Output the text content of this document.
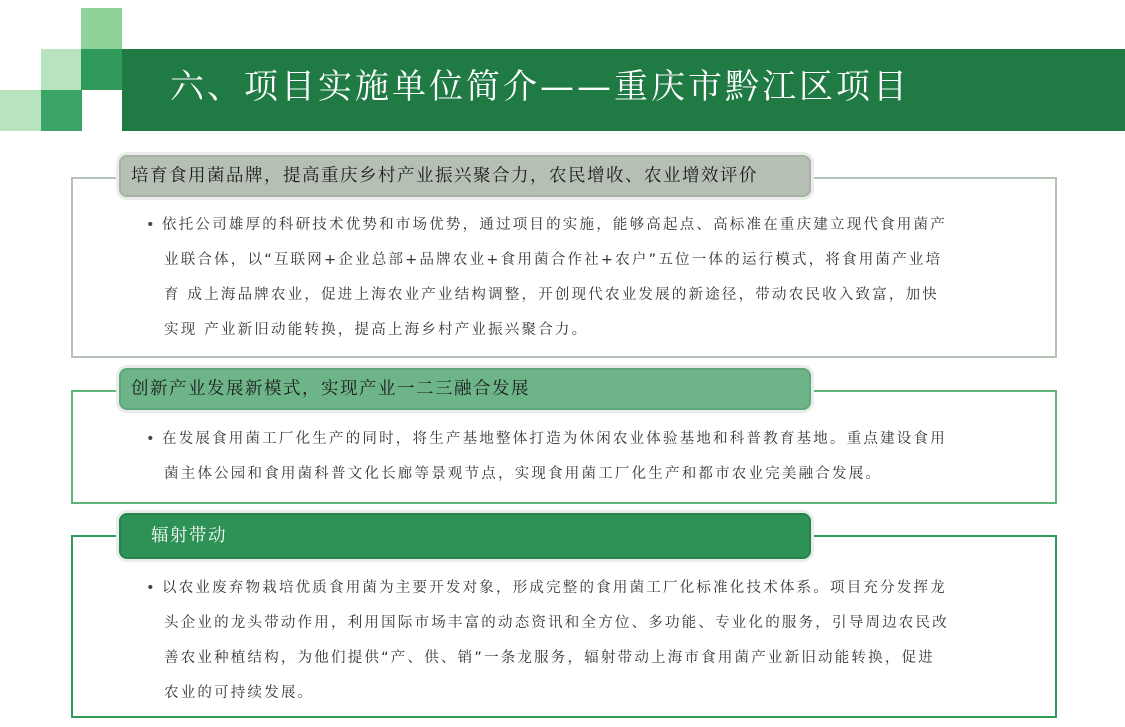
六、项目实施单位简介——重庆市黔江区项目
培育食用菌品牌，提高重庆乡村产业振兴聚合力，农民增收、农业增效评价
• 依托公司雄厚的科研技术优势和市场优势，通过项目的实施，能够高起点、高标准在重庆建立现代食用菌产
业联合体，以“互联网+企业总部+品牌农业+食用菌合作社+农户”五位一体的运行模式，将食用菌产业培
育 成上海品牌农业，促进上海农业产业结构调整，开创现代农业发展的新途径，带动农民收入致富，加快
实现 产业新旧动能转换，提高上海乡村产业振兴聚合力。
创新产业发展新模式，实现产业一二三融合发展
• 在发展食用菌工厂化生产的同时，将生产基地整体打造为休闲农业体验基地和科普教育基地。重点建设食用
菌主体公园和食用菌科普文化长廊等景观节点，实现食用菌工厂化生产和都市农业完美融合发展。
辐射带动
• 以农业废弃物栽培优质食用菌为主要开发对象，形成完整的食用菌工厂化标准化技术体系。项目充分发挥龙
头企业的龙头带动作用，利用国际市场丰富的动态资讯和全方位、多功能、专业化的服务，引导周边农民改
善农业种植结构，为他们提供“产、供、销”一条龙服务，辐射带动上海市食用菌产业新旧动能转换，促进
农业的可持续发展。
